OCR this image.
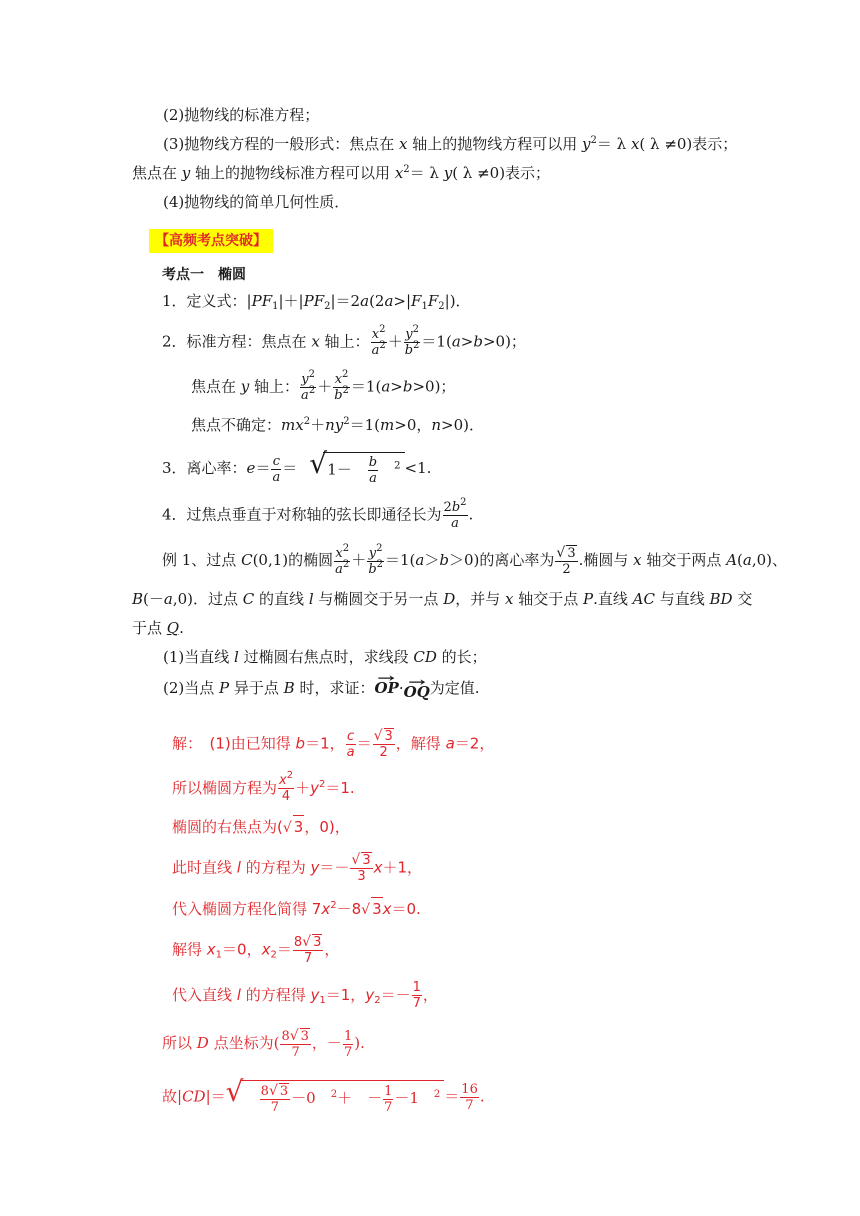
(2)抛物线的标准方程；
(3)抛物线方程的一般形式：焦点在 x 轴上的抛物线方程可以用 $y^2= \lambda$ x( λ ≠0)表示；
焦点在 y 轴上的抛物线标准方程可以用 $x^2= \lambda$ y( λ ≠0)表示；
(4)抛物线的简单几何性质．
【高频考点突破】
考点一　椭圆
1．定义式：$|PF_1|+|PF_2|=2a(2a>|F_1F_2|)$．
2．标准方程：焦点在 x 轴上： $\frac{x^2}{a^2} + \frac{y^2}{b^2} =1(a>b>0)$；
焦点在 y 轴上： $\frac{y^2}{a^2} + \frac{x^2}{b^2} =1(a>b>0)$；
焦点不确定：$mx^2+ny^2=1(m>0$，n>0)．
3．离心率：$e= \frac{c}{a}$ ＝ √ 1－　 $\frac{b}{a}$
　 $^2$ <1.
4．过焦点垂直于对称轴的弦长即通径长为 $\frac{2b^2}{a}$ .
例 1、过点 C(0,1)的椭圆 $\frac{x^2}{a^2} + \frac{y^2}{b^2} =1(a>b>0)$的离心率为 $\frac{√ 3}{2}$ .椭圆与 x 轴交于两点 A(a,0)、
B(－a,0)．过点 C 的直线 l 与椭圆交于另一点 D，并与 x 轴交于点 P.直线 AC 与直线 BD 交
于点 Q.
(1)当直线 l 过椭圆右焦点时，求线段 CD 的长；
(2)当点 P 异于点 B 时，求证：→ OP·→ OQ为定值.
解：　(1)由已知得 b＝1， $\frac{c}{a} = \frac{√ 3}{2}$ ，解得 a＝2，
所以椭圆方程为 $\frac{x^2}{4} +y^2=1$.
椭圆的右焦点为(√ 3，0)，
此时直线 l 的方程为 $y=- \frac{√ 3}{3} x+1$，
代入椭圆方程化简得 $7x^2-8√$ 3x＝0.
解得 $x_1=0$，$x_2= \frac{8√ 3}{7}$ ，
代入直线 l 的方程得 $y_1=1$，$y_2=- \frac{1}{7}$ ，
所以 D 点坐标为( $\frac{8√ 3}{7}$ ，－ $\frac{1}{7}$ ).
故|CD|＝ √
　 $\frac{8√ 3}{7} -0$　$^2$＋　－ $\frac{1}{7} -1$　$^2 = \frac{16}{7}$ .
